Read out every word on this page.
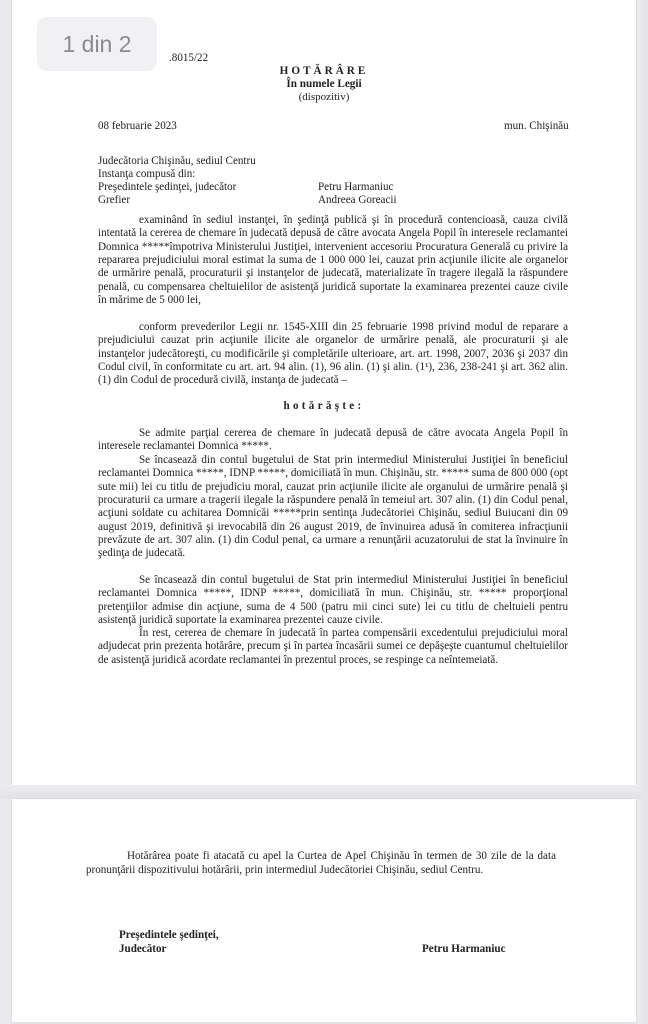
.8015/22
HOTĂRÂRE
În numele Legii
(dispozitiv)
08 februarie 2023	mun. Chişinău
Judecătoria Chişinău, sediul Centru
Instanţa compusă din:
Preşedintele şedinţei, judecător	Petru Harmaniuc
Grefier	Andreea Goreacii
examinând în sediul instanţei, în şedinţă publică şi în procedură contencioasă, cauza civilă intentată la cererea de chemare în judecată depusă de către avocata Angela Popil în interesele reclamantei Domnica *****împotriva Ministerului Justiţiei, intervenient accesoriu Procuratura Generală cu privire la repararea prejudiciului moral estimat la suma de 1 000 000 lei, cauzat prin acţiunile ilicite ale organelor de urmărire penală, procuraturii şi instanţelor de judecată, materializate în tragere ilegală la răspundere penală, cu compensarea cheltuielilor de asistenţă juridică suportate la examinarea prezentei cauze civile în mărime de 5 000 lei,
conform prevederilor Legii nr. 1545-XIII din 25 februarie 1998 privind modul de reparare a prejudiciului cauzat prin acţiunile ilicite ale organelor de urmărire penală, ale procuraturii şi ale instanţelor judecătoreşti, cu modificările şi completările ulterioare, art. art. 1998, 2007, 2036 şi 2037 din Codul civil, în conformitate cu art. art. 94 alin. (1), 96 alin. (1) şi alin. (1¹), 236, 238-241 şi art. 362 alin. (1) din Codul de procedură civilă, instanţa de judecată –
hotărăşte:
Se admite parţial cererea de chemare în judecată depusă de către avocata Angela Popil în interesele reclamantei Domnica *****.
Se încasează din contul bugetului de Stat prin intermediul Ministerului Justiţiei în beneficiul reclamantei Domnica *****, IDNP *****, domiciliată în mun. Chişinău, str. ***** suma de 800 000 (opt sute mii) lei cu titlu de prejudiciu moral, cauzat prin acţiunile ilicite ale organului de urmărire penală şi procuraturii ca urmare a tragerii ilegale la răspundere penală în temeiul art. 307 alin. (1) din Codul penal, acţiuni soldate cu achitarea Domnicăi *****prin sentinţa Judecătoriei Chişinău, sediul Buiucani din 09 august 2019, definitivă şi irevocabilă din 26 august 2019, de învinuirea adusă în comiterea infracţiunii prevăzute de art. 307 alin. (1) din Codul penal, ca urmare a renunţării acuzatorului de stat la învinuire în şedinţa de judecată.
Se încasează din contul bugetului de Stat prin intermediul Ministerului Justiţiei în beneficiul reclamantei Domnica *****, IDNP *****, domiciliată în mun. Chişinău, str. ***** proporţional pretenţiilor admise din acţiune, suma de 4 500 (patru mii cinci sute) lei cu titlu de cheltuieli pentru asistenţă juridică suportate la examinarea prezentei cauze civile.
În rest, cererea de chemare în judecată în partea compensării excedentului prejudiciului moral adjudecat prin prezenta hotărâre, precum şi în partea încasării sumei ce depăşeşte cuantumul cheltuielilor de asistenţă juridică acordate reclamantei în prezentul proces, se respinge ca neîntemeiată.
Hotărârea poate fi atacată cu apel la Curtea de Apel Chişinău în termen de 30 zile de la data pronunţării dispozitivului hotărârii, prin intermediul Judecătoriei Chişinău, sediul Centru.
Preşedintele şedinţei,
Judecător	Petru Harmaniuc
1 din 2
